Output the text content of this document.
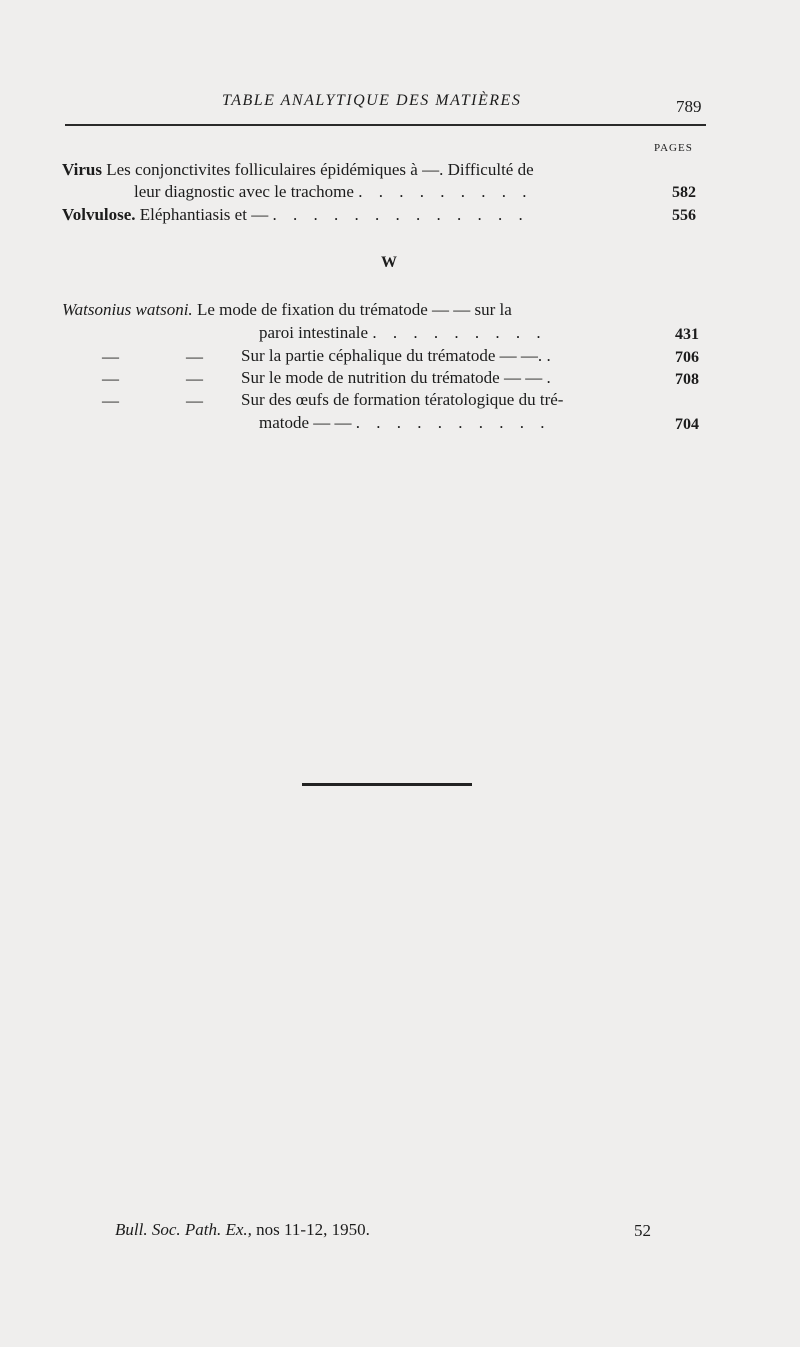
TABLE ANALYTIQUE DES MATIÈRES	789
PAGES
Virus Les conjonctivites folliculaires épidémiques à —. Difficulté de
leur diagnostic avec le trachome . . . . . . . . .	582
Volvulose. Eléphantiasis et — . . . . . . . . . . . . .	556
W
Watsonius watsoni. Le mode de fixation du trématode — — sur la
paroi intestinale . . . . . . . . .	431
—	— Sur la partie céphalique du trématode — —. .	706
—	— Sur le mode de nutrition du trématode — — .	708
—	— Sur des œufs de formation tératologique du tré-
matode — — . . . . . . . . . .	704
Bull. Soc. Path. Ex., nos 11-12, 1950.	52
